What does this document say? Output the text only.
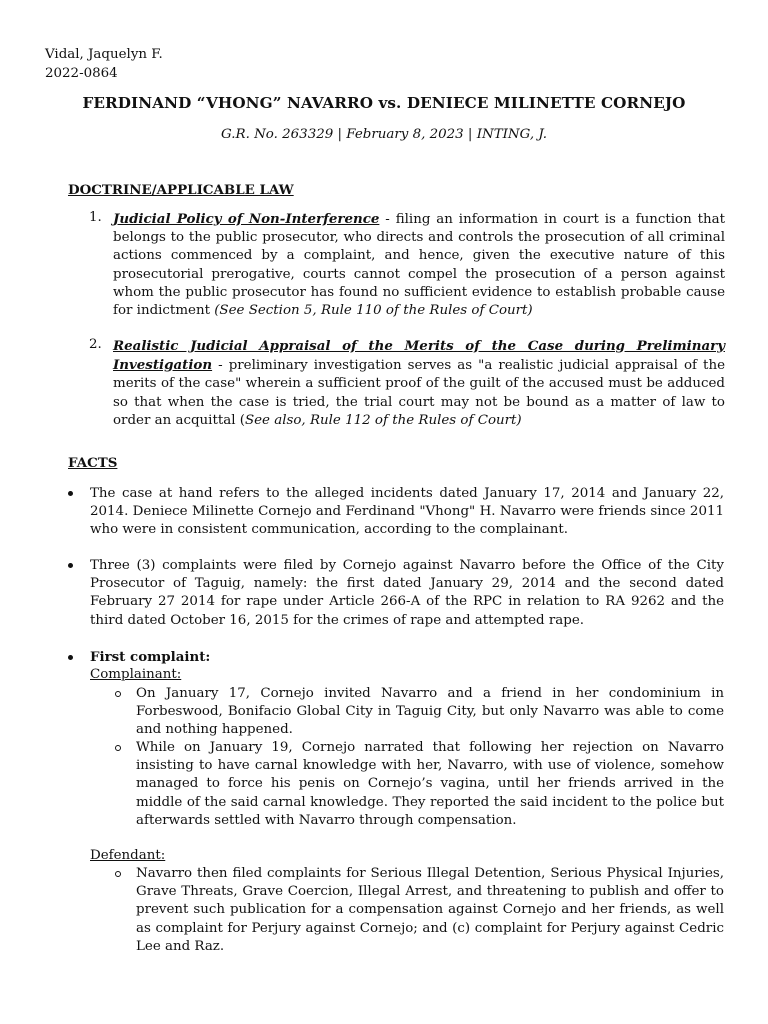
Vidal, Jaquelyn F.
2022-0864
FERDINAND “VHONG” NAVARRO vs. DENIECE MILINETTE CORNEJO
G.R. No. 263329 | February 8, 2023 | INTING, J.
DOCTRINE/APPLICABLE LAW
1. Judicial Policy of Non-Interference - filing an information in court is a function that belongs to the public prosecutor, who directs and controls the prosecution of all criminal actions commenced by a complaint, and hence, given the executive nature of this prosecutorial prerogative, courts cannot compel the prosecution of a person against whom the public prosecutor has found no sufficient evidence to establish probable cause for indictment (See Section 5, Rule 110 of the Rules of Court)
2. Realistic Judicial Appraisal of the Merits of the Case during Preliminary Investigation - preliminary investigation serves as "a realistic judicial appraisal of the merits of the case" wherein a sufficient proof of the guilt of the accused must be adduced so that when the case is tried, the trial court may not be bound as a matter of law to order an acquittal (See also, Rule 112 of the Rules of Court)
FACTS
The case at hand refers to the alleged incidents dated January 17, 2014 and January 22, 2014. Deniece Milinette Cornejo and Ferdinand "Vhong" H. Navarro were friends since 2011 who were in consistent communication, according to the complainant.
Three (3) complaints were filed by Cornejo against Navarro before the Office of the City Prosecutor of Taguig, namely: the first dated January 29, 2014 and the second dated February 27 2014 for rape under Article 266-A of the RPC in relation to RA 9262 and the third dated October 16, 2015 for the crimes of rape and attempted rape.
First complaint:
Complainant:
On January 17, Cornejo invited Navarro and a friend in her condominium in Forbeswood, Bonifacio Global City in Taguig City, but only Navarro was able to come and nothing happened.
While on January 19, Cornejo narrated that following her rejection on Navarro insisting to have carnal knowledge with her, Navarro, with use of violence, somehow managed to force his penis on Cornejo’s vagina, until her friends arrived in the middle of the said carnal knowledge. They reported the said incident to the police but afterwards settled with Navarro through compensation.
Defendant:
Navarro then filed complaints for Serious Illegal Detention, Serious Physical Injuries, Grave Threats, Grave Coercion, Illegal Arrest, and threatening to publish and offer to prevent such publication for a compensation against Cornejo and her friends, as well as complaint for Perjury against Cornejo; and (c) complaint for Perjury against Cedric Lee and Raz.
